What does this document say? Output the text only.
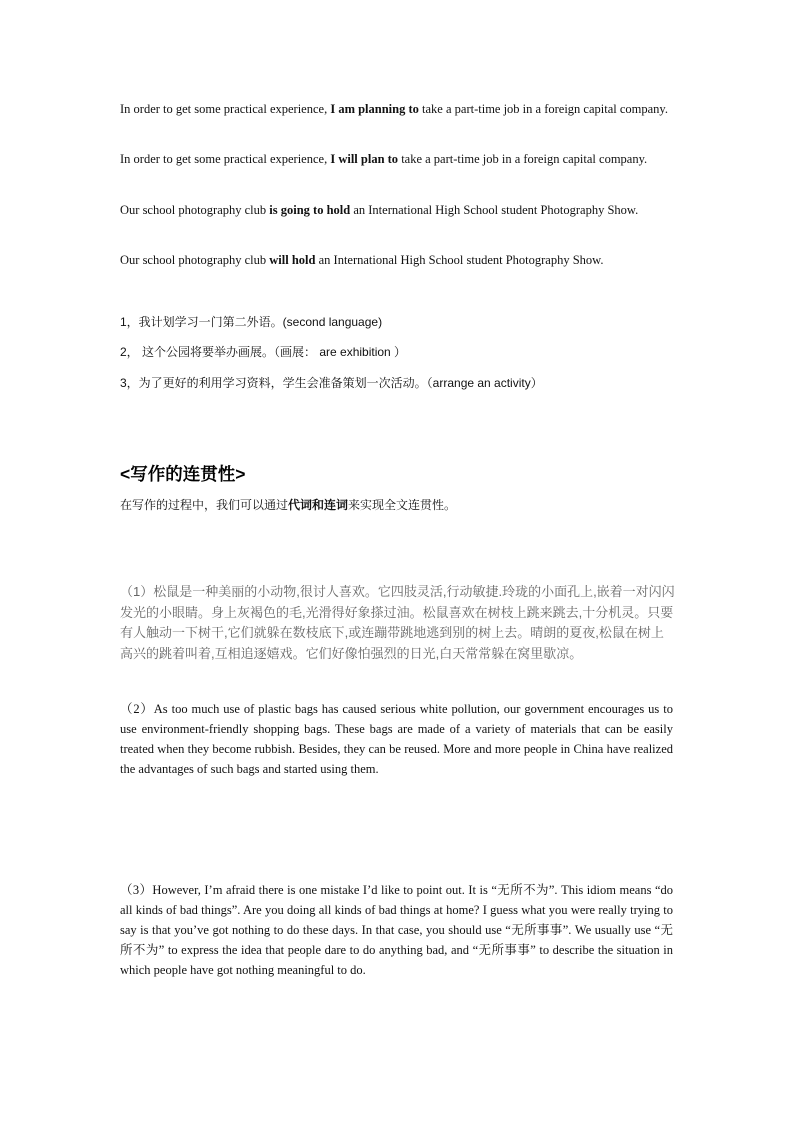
In order to get some practical experience, I am planning to take a part-time job in a foreign capital company.

In order to get some practical experience, I will plan to take a part-time job in a foreign capital company.

Our school photography club is going to hold an International High School student Photography Show.

Our school photography club will hold an International High School student Photography Show.

1，我计划学习一门第二外语。(second language)

2， 这个公园将要举办画展。（画展： are exhibition ）

3，为了更好的利用学习资料，学生会准备策划一次活动。（arrange an activity）

<写作的连贯性>

在写作的过程中，我们可以通过代词和连词来实现全文连贯性。

（1）松鼠是一种美丽的小动物,很讨人喜欢。它四肢灵活,行动敏捷.玲珑的小面孔上,嵌着一对闪闪发光的小眼睛。身上灰褐色的毛,光滑得好象搽过油。松鼠喜欢在树枝上跳来跳去,十分机灵。只要有人触动一下树干,它们就躲在数枝底下,或连蹦带跳地逃到别的树上去。晴朗的夏夜,松鼠在树上高兴的跳着叫着,互相追逐嬉戏。它们好像怕强烈的日光,白天常常躲在窝里歇凉。

（2）As too much use of plastic bags has caused serious white pollution, our government encourages us to use environment-friendly shopping bags. These bags are made of a variety of materials that can be easily treated when they become rubbish. Besides, they can be reused. More and more people in China have realized the advantages of such bags and started using them.

（3）However, I’m afraid there is one mistake I’d like to point out. It is “无所不为”. This idiom means “do all kinds of bad things”. Are you doing all kinds of bad things at home? I guess what you were really trying to say is that you’ve got nothing to do these days. In that case, you should use “无所事事”. We usually use “无所不为” to express the idea that people dare to do anything bad, and “无所事事” to describe the situation in which people have got nothing meaningful to do.
